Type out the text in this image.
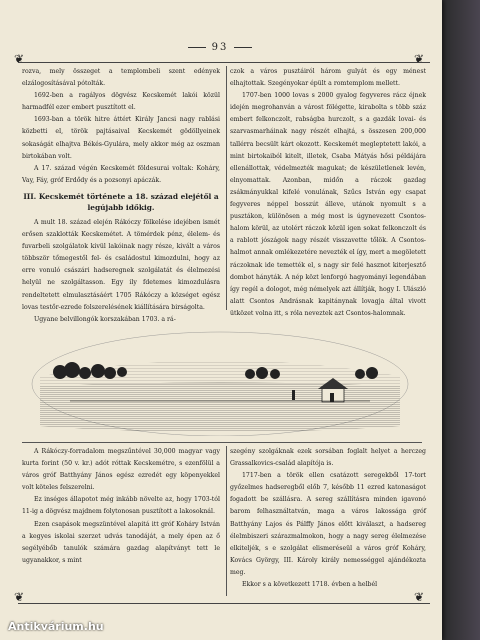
93
❦	❦

rozva, mely összeget a templombeli szent edények elzálogosításával pótolták.

1692-ben a ragályos dögvész Kecskemét lakói közül harmadfél ezer embert pusztított el.

1693-ban a török hitre áttért Király Jancsi nagy rablási közbetti el, török pajtásaival Kecskemét gödöllyeinek sokaságát elhajtva Békés-Gyulára, mely akkor még az oszman birtokában volt.

A 17. század végén Kecskemét földesurai voltak: Koháry, Vay, Fáy, gróf Erdődy és a pozsonyi apáczák.

III. Kecskemét története a 18. század elejétől a legújabb időkig.

A mult 18. század elején Rákóczy fölkelése idejében ismét erősen szaklották Kecskemétet. A tömérdek pénz, élelem- és fuvarbeli szolgálatok kivül lakóinak nagy része, kivált a város többször tőmegestől fel- és családostul kimozdulni, hogy az erre vonuló császári hadseregnek szolgálatát és élelmezési helyül ne szolgáltasson. Egy ily fdetemes kimozdulásra rendeltetett elmulasztásáért 1705 Rákóczy a községet egész lovas testőr-ezrede folszerelésének kiállítására birságolta.

Ugyane belvillongók korszakában 1703. a rá-

czok a város pusztáiról három gulyát és egy ménest elhajtottak. Szegényokar épült a romtemplom mellett.

1707-ben 1000 lovas s 2000 gyalog fegyveres rácz éjnek idején megrohanván a várost fölégette, kirabolta s több száz embert felkonczolt, rabságba hurczolt, s a gazdák lovai- és szarvasmarháinak nagy részét elhajtá, s összesen 200,000 tallérra becsült kárt okozott. Kecskemét megleptetett lakói, a mint birtokaiból kitelt, illetek, Csaba Mátyás hősi példájára ellenállottak, védelmezték magukat; de készületlenek levén, elnyomattak. Azonban, midőn a ráczok gazdag zsákmányukkal kifelé vonulának, Szűcs István egy csapat fegyveres néppel bosszút álleve, utánok nyomult s a pusztákon, különösen a még most is úgynevezett Csontos-halom körül, az utolért ráczok közül igen sokat felkonczolt és a rablott jószágok nagy részét visszavette tőlök. A Csontos-halmot annak omlékezetére nevezték el így, mert a megöletett ráczoknak ide temették el, s nagy sir felé hasznot kiterjesztő dombot hányták. A nép közt lenforgó hagyományi legendában így regél a dologot, még némelyek azt állítják, hogy I. Ulászló alatt Csontos Andrásnak kapitánynak lovagja által vivott ütközet volna itt, s róla neveztek azt Csontos-halomnak.

A Rákóczy-forradalom megszűntével 30,000 magyar vagy kurta forint (50 v. kr.) adót róttak Kecskemétre, s ezenfölül a város gróf Batthyány János egész ezredét egy köpenyekkel volt köteles felszerelni.

Ez inséges állapotot még inkább növelte az, hogy 1703-tól 11-ig a dögvész majdnem folytonosan pusztított a lakosoknál.

Ezen csapások megszüntével alapitá itt gróf Koháry István a kegyes iskolai szerzet udvás tanodáját, a mely épen az ő segélyébőb tanulók számára gazdag alapítványt tett le ugyanakkor, s mint

szegény szolgáknak ezek sorsában foglalt helyet a herczeg Grassalkovics-család alapítója is.

1717-ben a török ellen csatázott seregekből 17-tort győzelmes hadseregből előb 7, később 11 ezred katonaságot fogadott be szállásra. A sereg szállításra minden igavonó barom felhasználtatván, maga a város lakossága gróf Batthyány Lajos és Pálffy János előtt kiválaszt, a hadsereg élelmbiszeri szárazmalmokon, hogy a nagy sereg élelmezése elkiteljék, s e szolgálat elismeréseül a város gróf Koháry, Kovács György, III. Károly király nemességgel ajándékozta meg.

Ekkor s a következett 1718. évben a helbél

❦	❦
Antikvárium.hu
